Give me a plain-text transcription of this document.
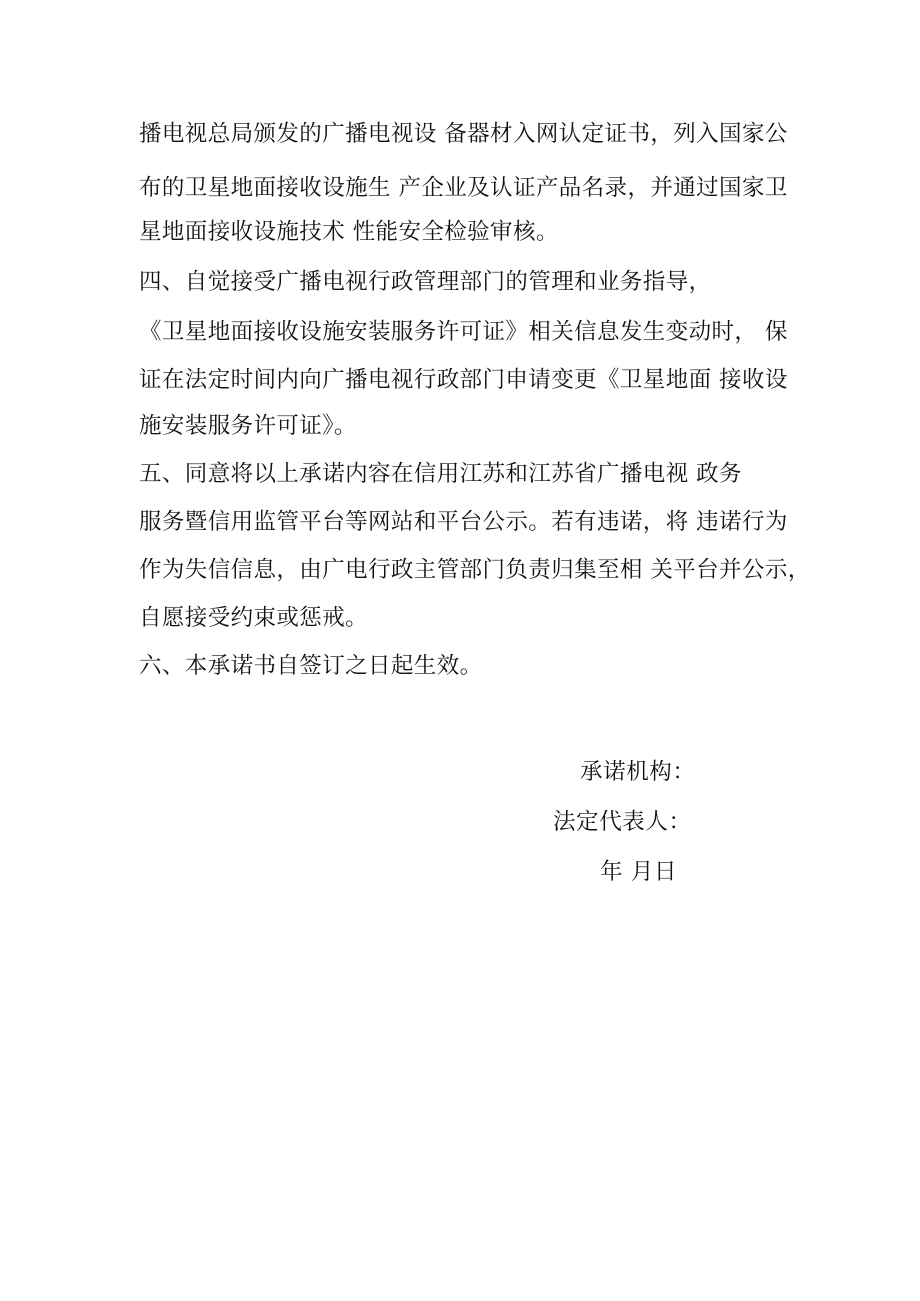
播电视总局颁发的广播电视设 备器材入网认定证书，列入国家公
布的卫星地面接收设施生 产企业及认证产品名录，并通过国家卫
星地面接收设施技术 性能安全检验审核。
四、自觉接受广播电视行政管理部门的管理和业务指导，
《卫星地面接收设施安装服务许可证》相关信息发生变动时， 保
证在法定时间内向广播电视行政部门申请变更《卫星地面 接收设
施安装服务许可证》。
五、同意将以上承诺内容在信用江苏和江苏省广播电视 政务
服务暨信用监管平台等网站和平台公示。若有违诺，将 违诺行为
作为失信信息，由广电行政主管部门负责归集至相 关平台并公示，
自愿接受约束或惩戒。
六、本承诺书自签订之日起生效。
承诺机构：
法定代表人：
年 月日
